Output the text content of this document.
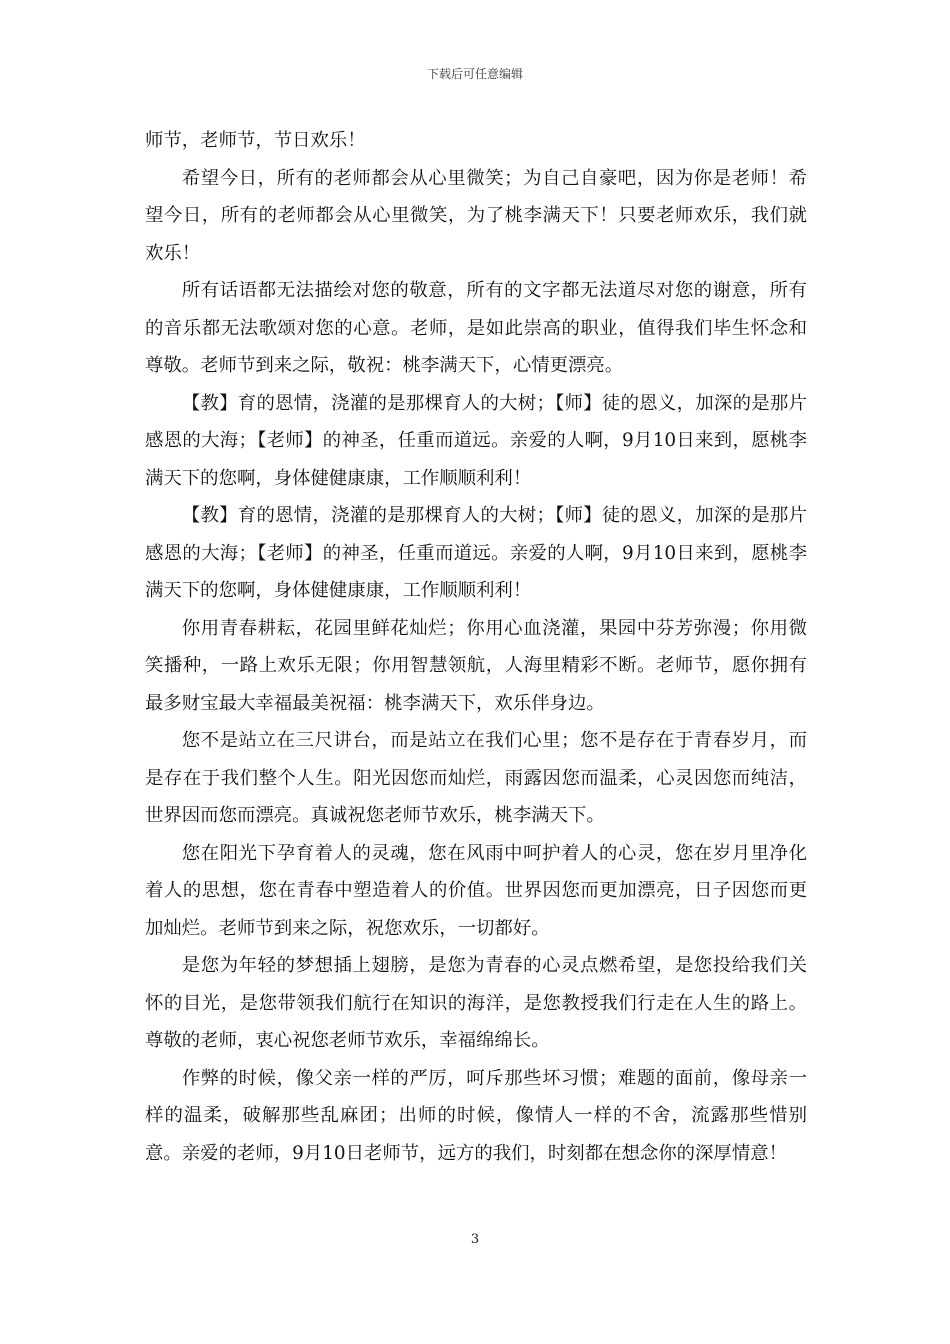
下载后可任意编辑

师节，老师节，节日欢乐！

希望今日，所有的老师都会从心里微笑；为自己自豪吧，因为你是老师！希望今日，所有的老师都会从心里微笑，为了桃李满天下！只要老师欢乐，我们就欢乐！

所有话语都无法描绘对您的敬意，所有的文字都无法道尽对您的谢意，所有的音乐都无法歌颂对您的心意。老师，是如此崇高的职业，值得我们毕生怀念和尊敬。老师节到来之际，敬祝：桃李满天下，心情更漂亮。

【教】育的恩情，浇灌的是那棵育人的大树；【师】徒的恩义，加深的是那片感恩的大海；【老师】的神圣，任重而道远。亲爱的人啊，9月10日来到，愿桃李满天下的您啊，身体健健康康，工作顺顺利利！

【教】育的恩情，浇灌的是那棵育人的大树；【师】徒的恩义，加深的是那片感恩的大海；【老师】的神圣，任重而道远。亲爱的人啊，9月10日来到，愿桃李满天下的您啊，身体健健康康，工作顺顺利利！

你用青春耕耘，花园里鲜花灿烂；你用心血浇灌，果园中芬芳弥漫；你用微笑播种，一路上欢乐无限；你用智慧领航，人海里精彩不断。老师节，愿你拥有最多财宝最大幸福最美祝福：桃李满天下，欢乐伴身边。

您不是站立在三尺讲台，而是站立在我们心里；您不是存在于青春岁月，而是存在于我们整个人生。阳光因您而灿烂，雨露因您而温柔，心灵因您而纯洁，世界因而您而漂亮。真诚祝您老师节欢乐，桃李满天下。

您在阳光下孕育着人的灵魂，您在风雨中呵护着人的心灵，您在岁月里净化着人的思想，您在青春中塑造着人的价值。世界因您而更加漂亮，日子因您而更加灿烂。老师节到来之际，祝您欢乐，一切都好。

是您为年轻的梦想插上翅膀，是您为青春的心灵点燃希望，是您投给我们关怀的目光，是您带领我们航行在知识的海洋，是您教授我们行走在人生的路上。尊敬的老师，衷心祝您老师节欢乐，幸福绵绵长。

作弊的时候，像父亲一样的严厉，呵斥那些坏习惯；难题的面前，像母亲一样的温柔，破解那些乱麻团；出师的时候，像情人一样的不舍，流露那些惜别意。亲爱的老师，9月10日老师节，远方的我们，时刻都在想念你的深厚情意！

3
